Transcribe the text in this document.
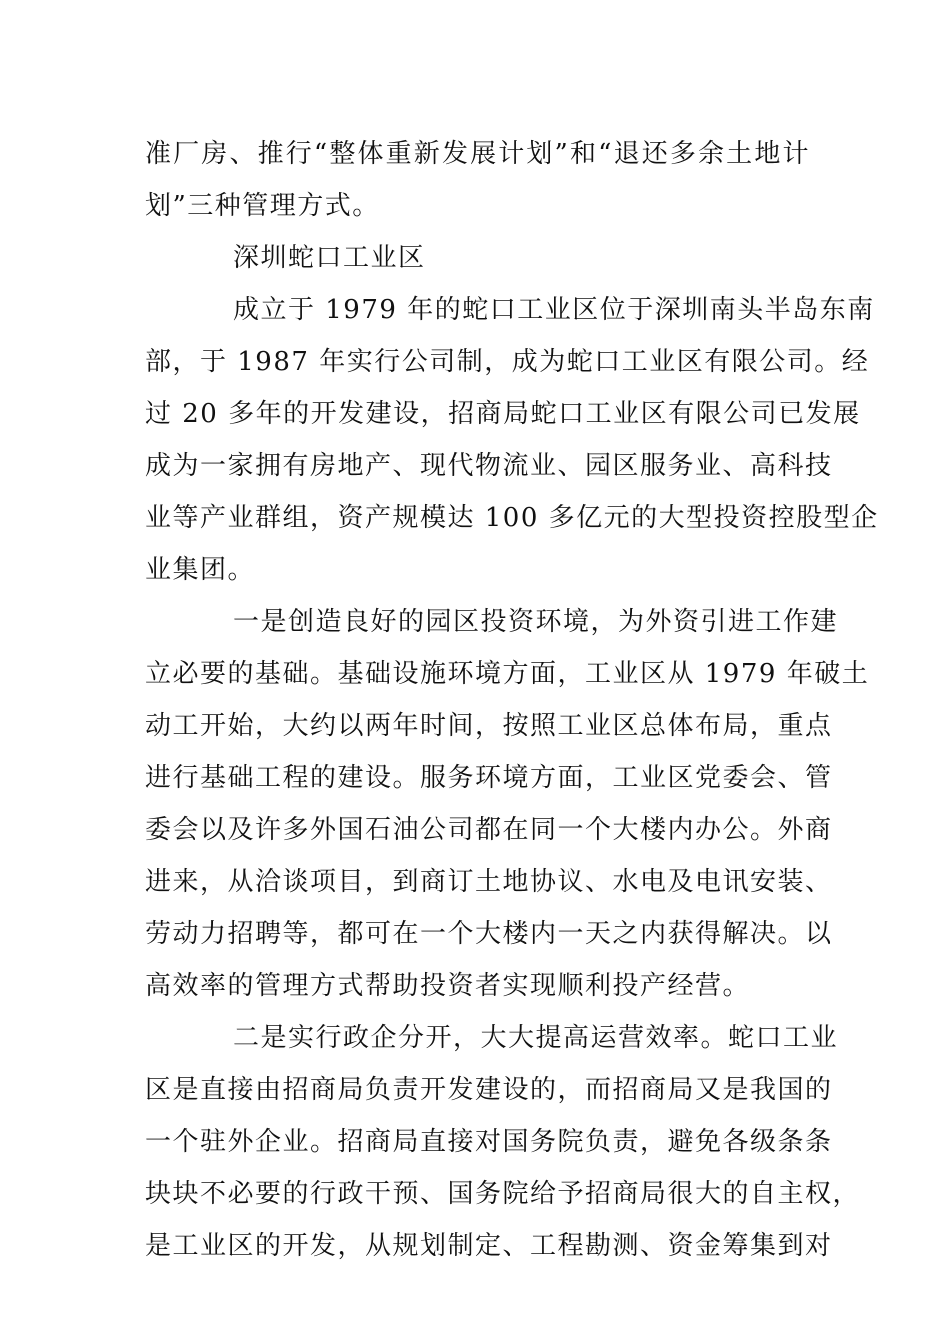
准厂房、推行“整体重新发展计划”和“退还多余土地计
划”三种管理方式。
深圳蛇口工业区
成立于 1979 年的蛇口工业区位于深圳南头半岛东南
部，于 1987 年实行公司制，成为蛇口工业区有限公司。经
过 20 多年的开发建设，招商局蛇口工业区有限公司已发展
成为一家拥有房地产、现代物流业、园区服务业、高科技
业等产业群组，资产规模达 100 多亿元的大型投资控股型企
业集团。
一是创造良好的园区投资环境，为外资引进工作建
立必要的基础。基础设施环境方面，工业区从 1979 年破土
动工开始，大约以两年时间，按照工业区总体布局，重点
进行基础工程的建设。服务环境方面，工业区党委会、管
委会以及许多外国石油公司都在同一个大楼内办公。外商
进来，从洽谈项目，到商订土地协议、水电及电讯安装、
劳动力招聘等，都可在一个大楼内一天之内获得解决。以
高效率的管理方式帮助投资者实现顺利投产经营。
二是实行政企分开，大大提高运营效率。蛇口工业
区是直接由招商局负责开发建设的，而招商局又是我国的
一个驻外企业。招商局直接对国务院负责，避免各级条条
块块不必要的行政干预、国务院给予招商局很大的自主权，
是工业区的开发，从规划制定、工程勘测、资金筹集到对
